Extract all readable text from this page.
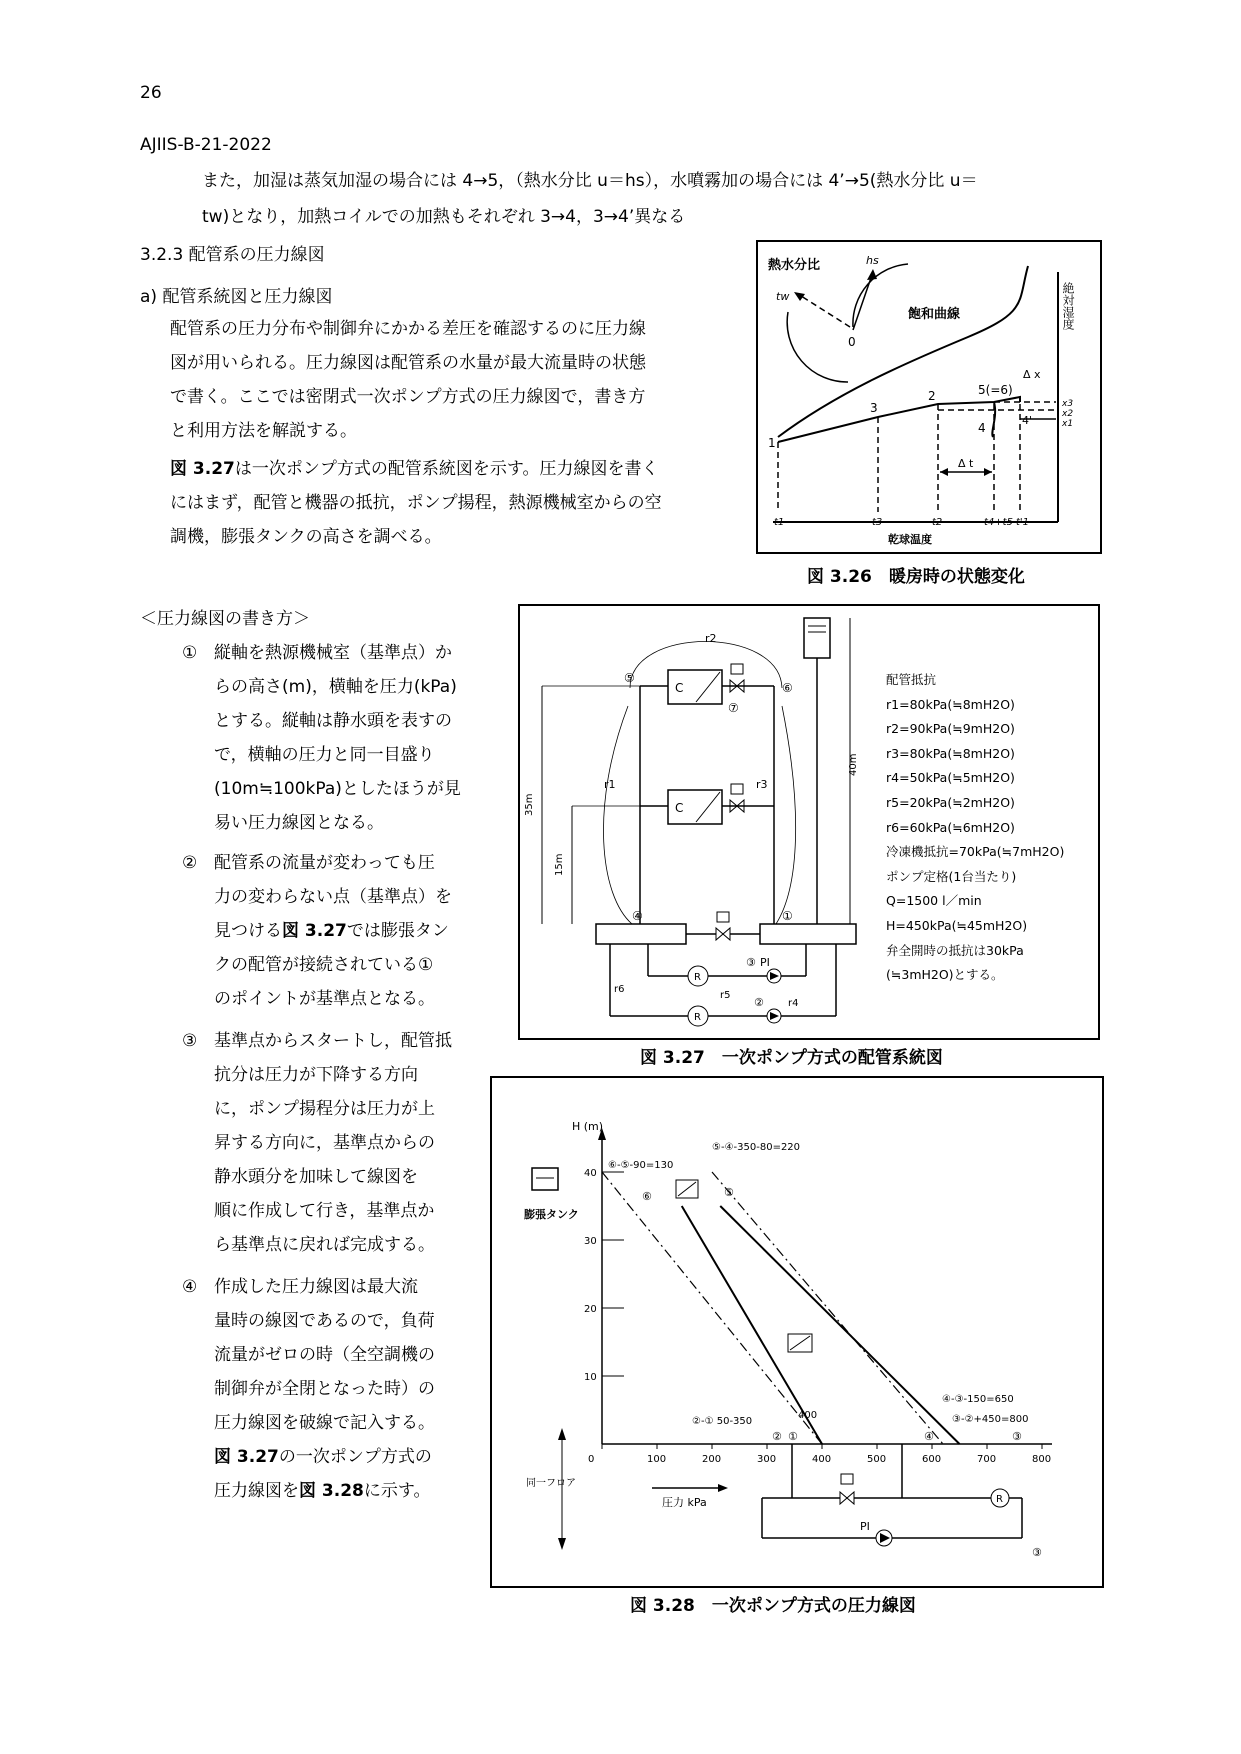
26
AJIIS-B-21-2022
また，加湿は蒸気加湿の場合には 4→5，（熱水分比 u＝hs），水噴霧加の場合には 4’→5(熱水分比 u＝
tw)となり，加熱コイルでの加熱もそれぞれ 3→4，3→4’異なる
3.2.3 配管系の圧力線図
a) 配管系統図と圧力線図
配管系の圧力分布や制御弁にかかる差圧を確認するのに圧力線
図が用いられる。圧力線図は配管系の水量が最大流量時の状態
で書く。ここでは密閉式一次ポンプ方式の圧力線図で，書き方
と利用方法を解説する。
図 3.27は一次ポンプ方式の配管系統図を示す。圧力線図を書く
にはまず，配管と機器の抵抗，ポンプ揚程，熱源機械室からの空
調機，膨張タンクの高さを調べる。
熱水分比	hs
tw
0
飽和曲線	絶対湿度
1
3
2	5(=6)
4
4'
Δ x
Δ t
x3
x2
x1
t1	t3	t2	t4+t5 t'1
乾球温度
図 3.26　暖房時の状態変化
＜圧力線図の書き方＞
① 縦軸を熱源機械室（基準点）か
らの高さ(m)，横軸を圧力(kPa)
とする。縦軸は静水頭を表すの
で，横軸の圧力と同一目盛り
(10m≒100kPa)としたほうが見
易い圧力線図となる。
② 配管系の流量が変わっても圧
力の変わらない点（基準点）を
見つける図 3.27では膨張タン
クの配管が接続されている①
のポイントが基準点となる。
③ 基準点からスタートし，配管抵
抗分は圧力が下降する方向
に，ポンプ揚程分は圧力が上
昇する方向に，基準点からの
静水頭分を加味して線図を
順に作成して行き，基準点か
ら基準点に戻れば完成する。
④ 作成した圧力線図は最大流
量時の線図であるので，負荷
流量がゼロの時（全空調機の
制御弁が全閉となった時）の
圧力線図を破線で記入する。
図 3.27の一次ポンプ方式の
圧力線図を図 3.28に示す。
40m
35m
15m
C
C
r2
r1	r3
⑤
⑥
⑦
④	①
R
R
③ PI
②
r5
r4
r6
配管抵抗
r1=80kPa(≒8mH2O)
r2=90kPa(≒9mH2O)
r3=80kPa(≒8mH2O)
r4=50kPa(≒5mH2O)
r5=20kPa(≒2mH2O)
r6=60kPa(≒6mH2O)
冷凍機抵抗=70kPa(≒7mH2O)
ポンプ定格(1台当たり)
Q=1500 l／min
H=450kPa(≒45mH2O)
弁全開時の抵抗は30kPa
(≒3mH2O)とする。
図 3.27　一次ポンプ方式の配管系統図
H (m)
圧力 kPa
0	100	200	300	400	500	600	700	800
10
20
30
40
膨張タンク
⑥-⑤-90=130
⑤-④-350-80=220
⑥	⑤
④-③-150=650
③-②+450=800
②-① 50-350
400
② ①	④	③
同一フロア
R
PI
③
図 3.28　一次ポンプ方式の圧力線図
